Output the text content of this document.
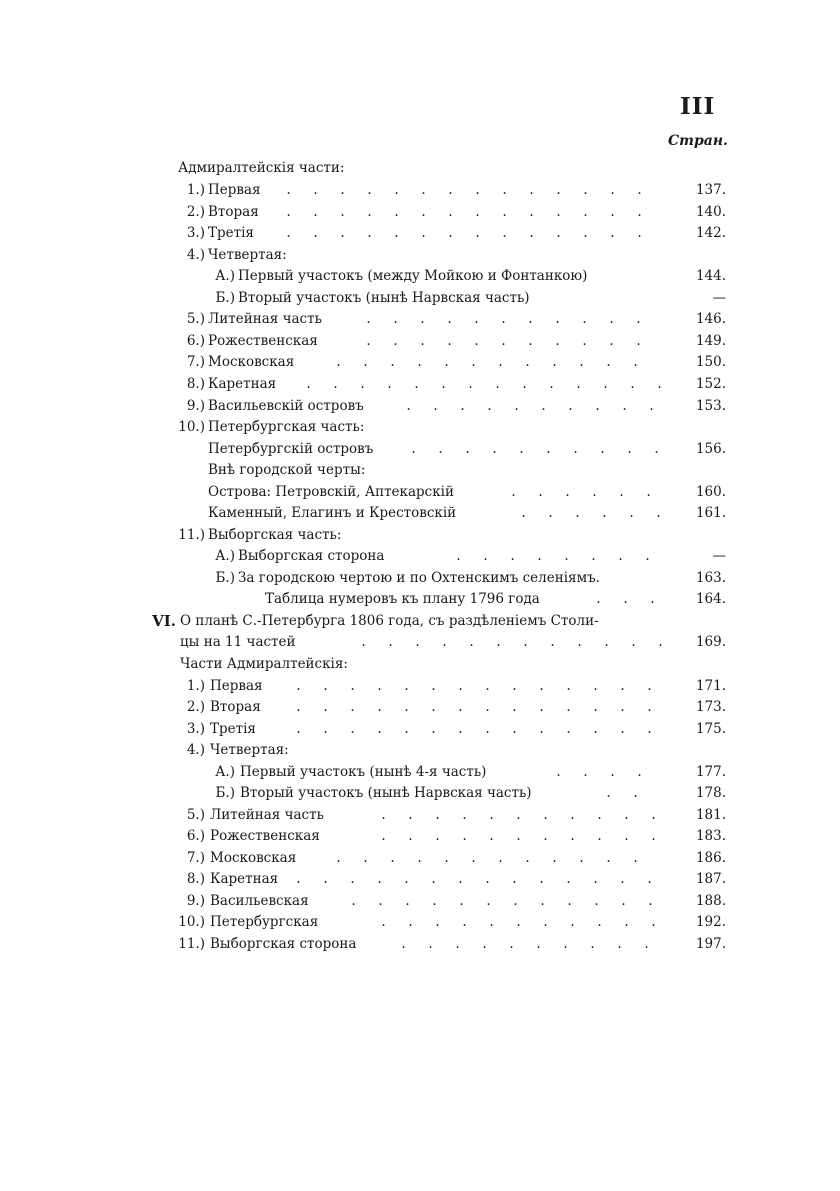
III
Стран.
Адмиралтейскія части:
1.) Первая	. . . . . . . . . . . . . .	137.
2.) Вторая	. . . . . . . . . . . . . .	140.
3.) Третія	. . . . . . . . . . . . . .	142.
4.) Четвертая:
А.) Первый участокъ (между Мойкою и Фонтанкою)	144.
Б.) Вторый участокъ (нынѣ Нарвская часть)	—
5.) Литейная часть	. . . . . . . . . . .	146.
6.) Рожественская	. . . . . . . . . . .	149.
7.) Московская	. . . . . . . . . . . .	150.
8.) Каретная	. . . . . . . . . . . . . .	152.
9.) Васильевскій островъ	. . . . . . . . . .	153.
10.) Петербургская часть:
Петербургскій островъ	. . . . . . . . . .	156.
Внѣ городской черты:
Острова: Петровскій, Аптекарскій	. . . . . .	160.
Каменный, Елагинъ и Крестовскій	. . . . . .	161.
11.) Выборгская часть:
А.) Выборгская сторона	. . . . . . . .	—
Б.) За городскою чертою и по Охтенскимъ селеніямъ.	163.
Таблица нумеровъ къ плану 1796 года	. . .	164.
VI. О планѣ С.-Петербурга 1806 года, съ раздѣленіемъ Столи-
цы на 11 частей	. . . . . . . . . . . .	169.
Части Адмиралтейскія:
1.) Первая	. . . . . . . . . . . . . .	171.
2.) Вторая	. . . . . . . . . . . . . .	173.
3.) Третія	. . . . . . . . . . . . . .	175.
4.) Четвертая:
А.) Первый участокъ (нынѣ 4-я часть)	. . . .	177.
Б.) Вторый участокъ (нынѣ Нарвская часть)	. .	178.
5.) Литейная часть	. . . . . . . . . . .	181.
6.) Рожественская	. . . . . . . . . . .	183.
7.) Московская	. . . . . . . . . . . .	186.
8.) Каретная	. . . . . . . . . . . . . .	187.
9.) Васильевская	. . . . . . . . . . . .	188.
10.) Петербургская	. . . . . . . . . . .	192.
11.) Выборгская сторона	. . . . . . . . . .	197.
